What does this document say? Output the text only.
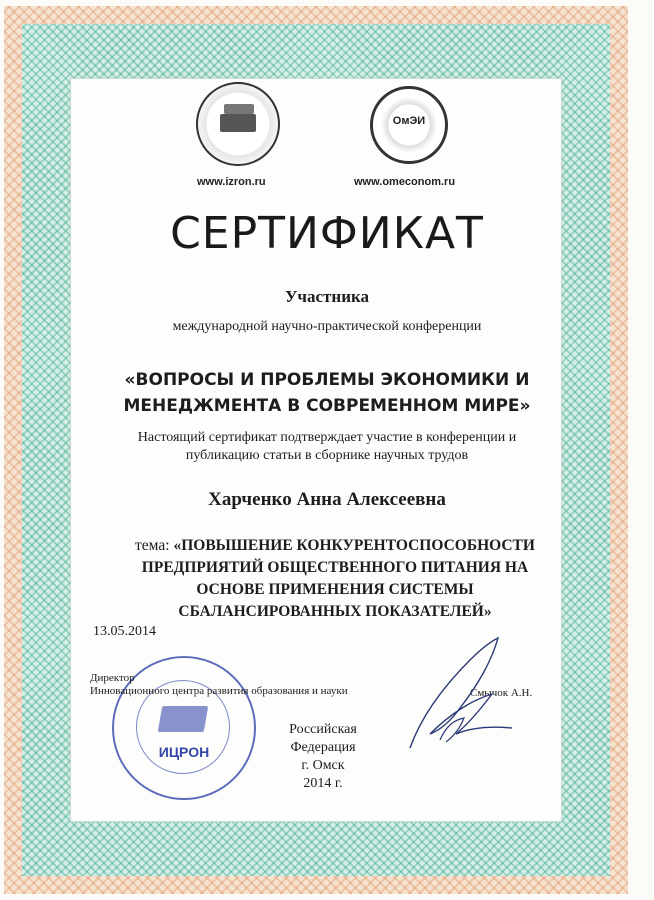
ОмЭИ
www.izron.ru	www.omeconom.ru
СЕРТИФИКАТ
Участника
международной научно-практической конференции
«ВОПРОСЫ И ПРОБЛЕМЫ ЭКОНОМИКИ И
МЕНЕДЖМЕНТА В СОВРЕМЕННОМ МИРЕ»
Настоящий сертификат подтверждает участие в конференции и
публикацию статьи в сборнике научных трудов
Харченко Анна Алексеевна
тема: «ПОВЫШЕНИЕ КОНКУРЕНТОСПОСОБНОСТИ
ПРЕДПРИЯТИЙ ОБЩЕСТВЕННОГО ПИТАНИЯ НА
ОСНОВЕ ПРИМЕНЕНИЯ СИСТЕМЫ
СБАЛАНСИРОВАННЫХ ПОКАЗАТЕЛЕЙ»
13.05.2014
ИЦРОН
Директор
Инновационного центра развития образования и науки	Смычок А.Н.
Российская Федерация
г. Омск
2014 г.
